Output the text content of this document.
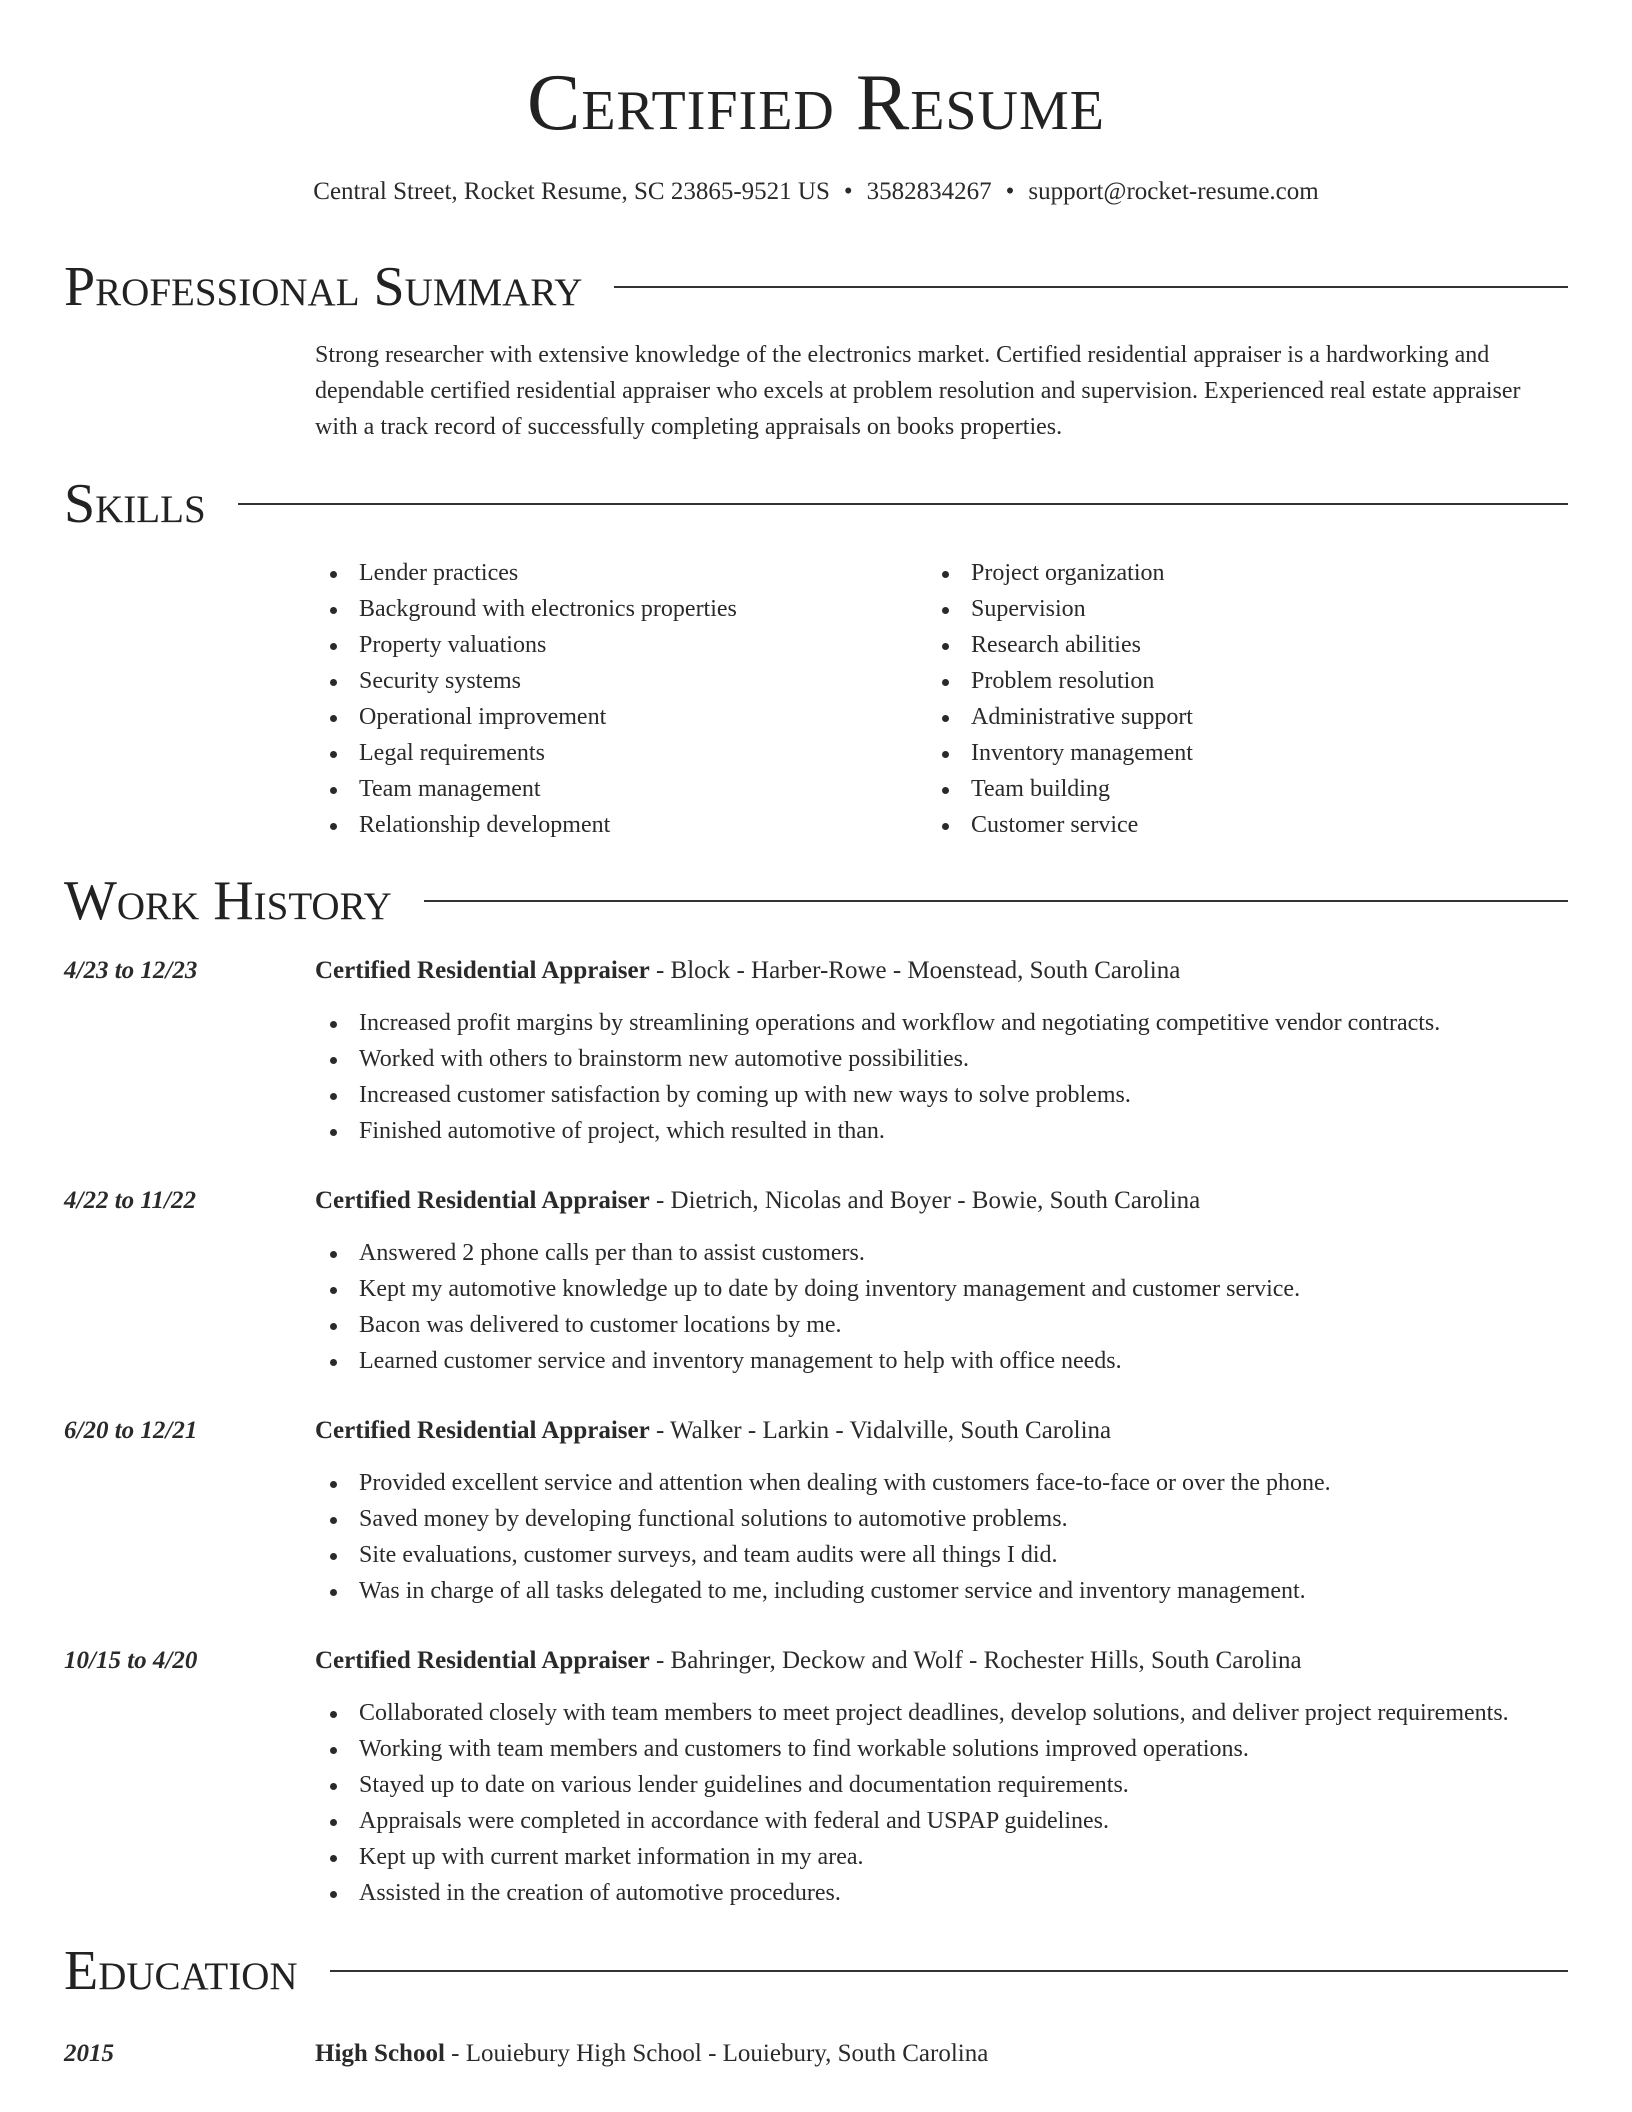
Certified Resume
Central Street, Rocket Resume, SC 23865-9521 US • 3582834267 • support@rocket-resume.com
Professional Summary
Strong researcher with extensive knowledge of the electronics market. Certified residential appraiser is a hardworking and dependable certified residential appraiser who excels at problem resolution and supervision. Experienced real estate appraiser with a track record of successfully completing appraisals on books properties.
Skills
Lender practices
Background with electronics properties
Property valuations
Security systems
Operational improvement
Legal requirements
Team management
Relationship development
Project organization
Supervision
Research abilities
Problem resolution
Administrative support
Inventory management
Team building
Customer service
Work History
4/23 to 12/23	Certified Residential Appraiser - Block - Harber-Rowe - Moenstead, South Carolina
Increased profit margins by streamlining operations and workflow and negotiating competitive vendor contracts.
Worked with others to brainstorm new automotive possibilities.
Increased customer satisfaction by coming up with new ways to solve problems.
Finished automotive of project, which resulted in than.
4/22 to 11/22	Certified Residential Appraiser - Dietrich, Nicolas and Boyer - Bowie, South Carolina
Answered 2 phone calls per than to assist customers.
Kept my automotive knowledge up to date by doing inventory management and customer service.
Bacon was delivered to customer locations by me.
Learned customer service and inventory management to help with office needs.
6/20 to 12/21	Certified Residential Appraiser - Walker - Larkin - Vidalville, South Carolina
Provided excellent service and attention when dealing with customers face-to-face or over the phone.
Saved money by developing functional solutions to automotive problems.
Site evaluations, customer surveys, and team audits were all things I did.
Was in charge of all tasks delegated to me, including customer service and inventory management.
10/15 to 4/20	Certified Residential Appraiser - Bahringer, Deckow and Wolf - Rochester Hills, South Carolina
Collaborated closely with team members to meet project deadlines, develop solutions, and deliver project requirements.
Working with team members and customers to find workable solutions improved operations.
Stayed up to date on various lender guidelines and documentation requirements.
Appraisals were completed in accordance with federal and USPAP guidelines.
Kept up with current market information in my area.
Assisted in the creation of automotive procedures.
Education
2015	High School - Louiebury High School - Louiebury, South Carolina
